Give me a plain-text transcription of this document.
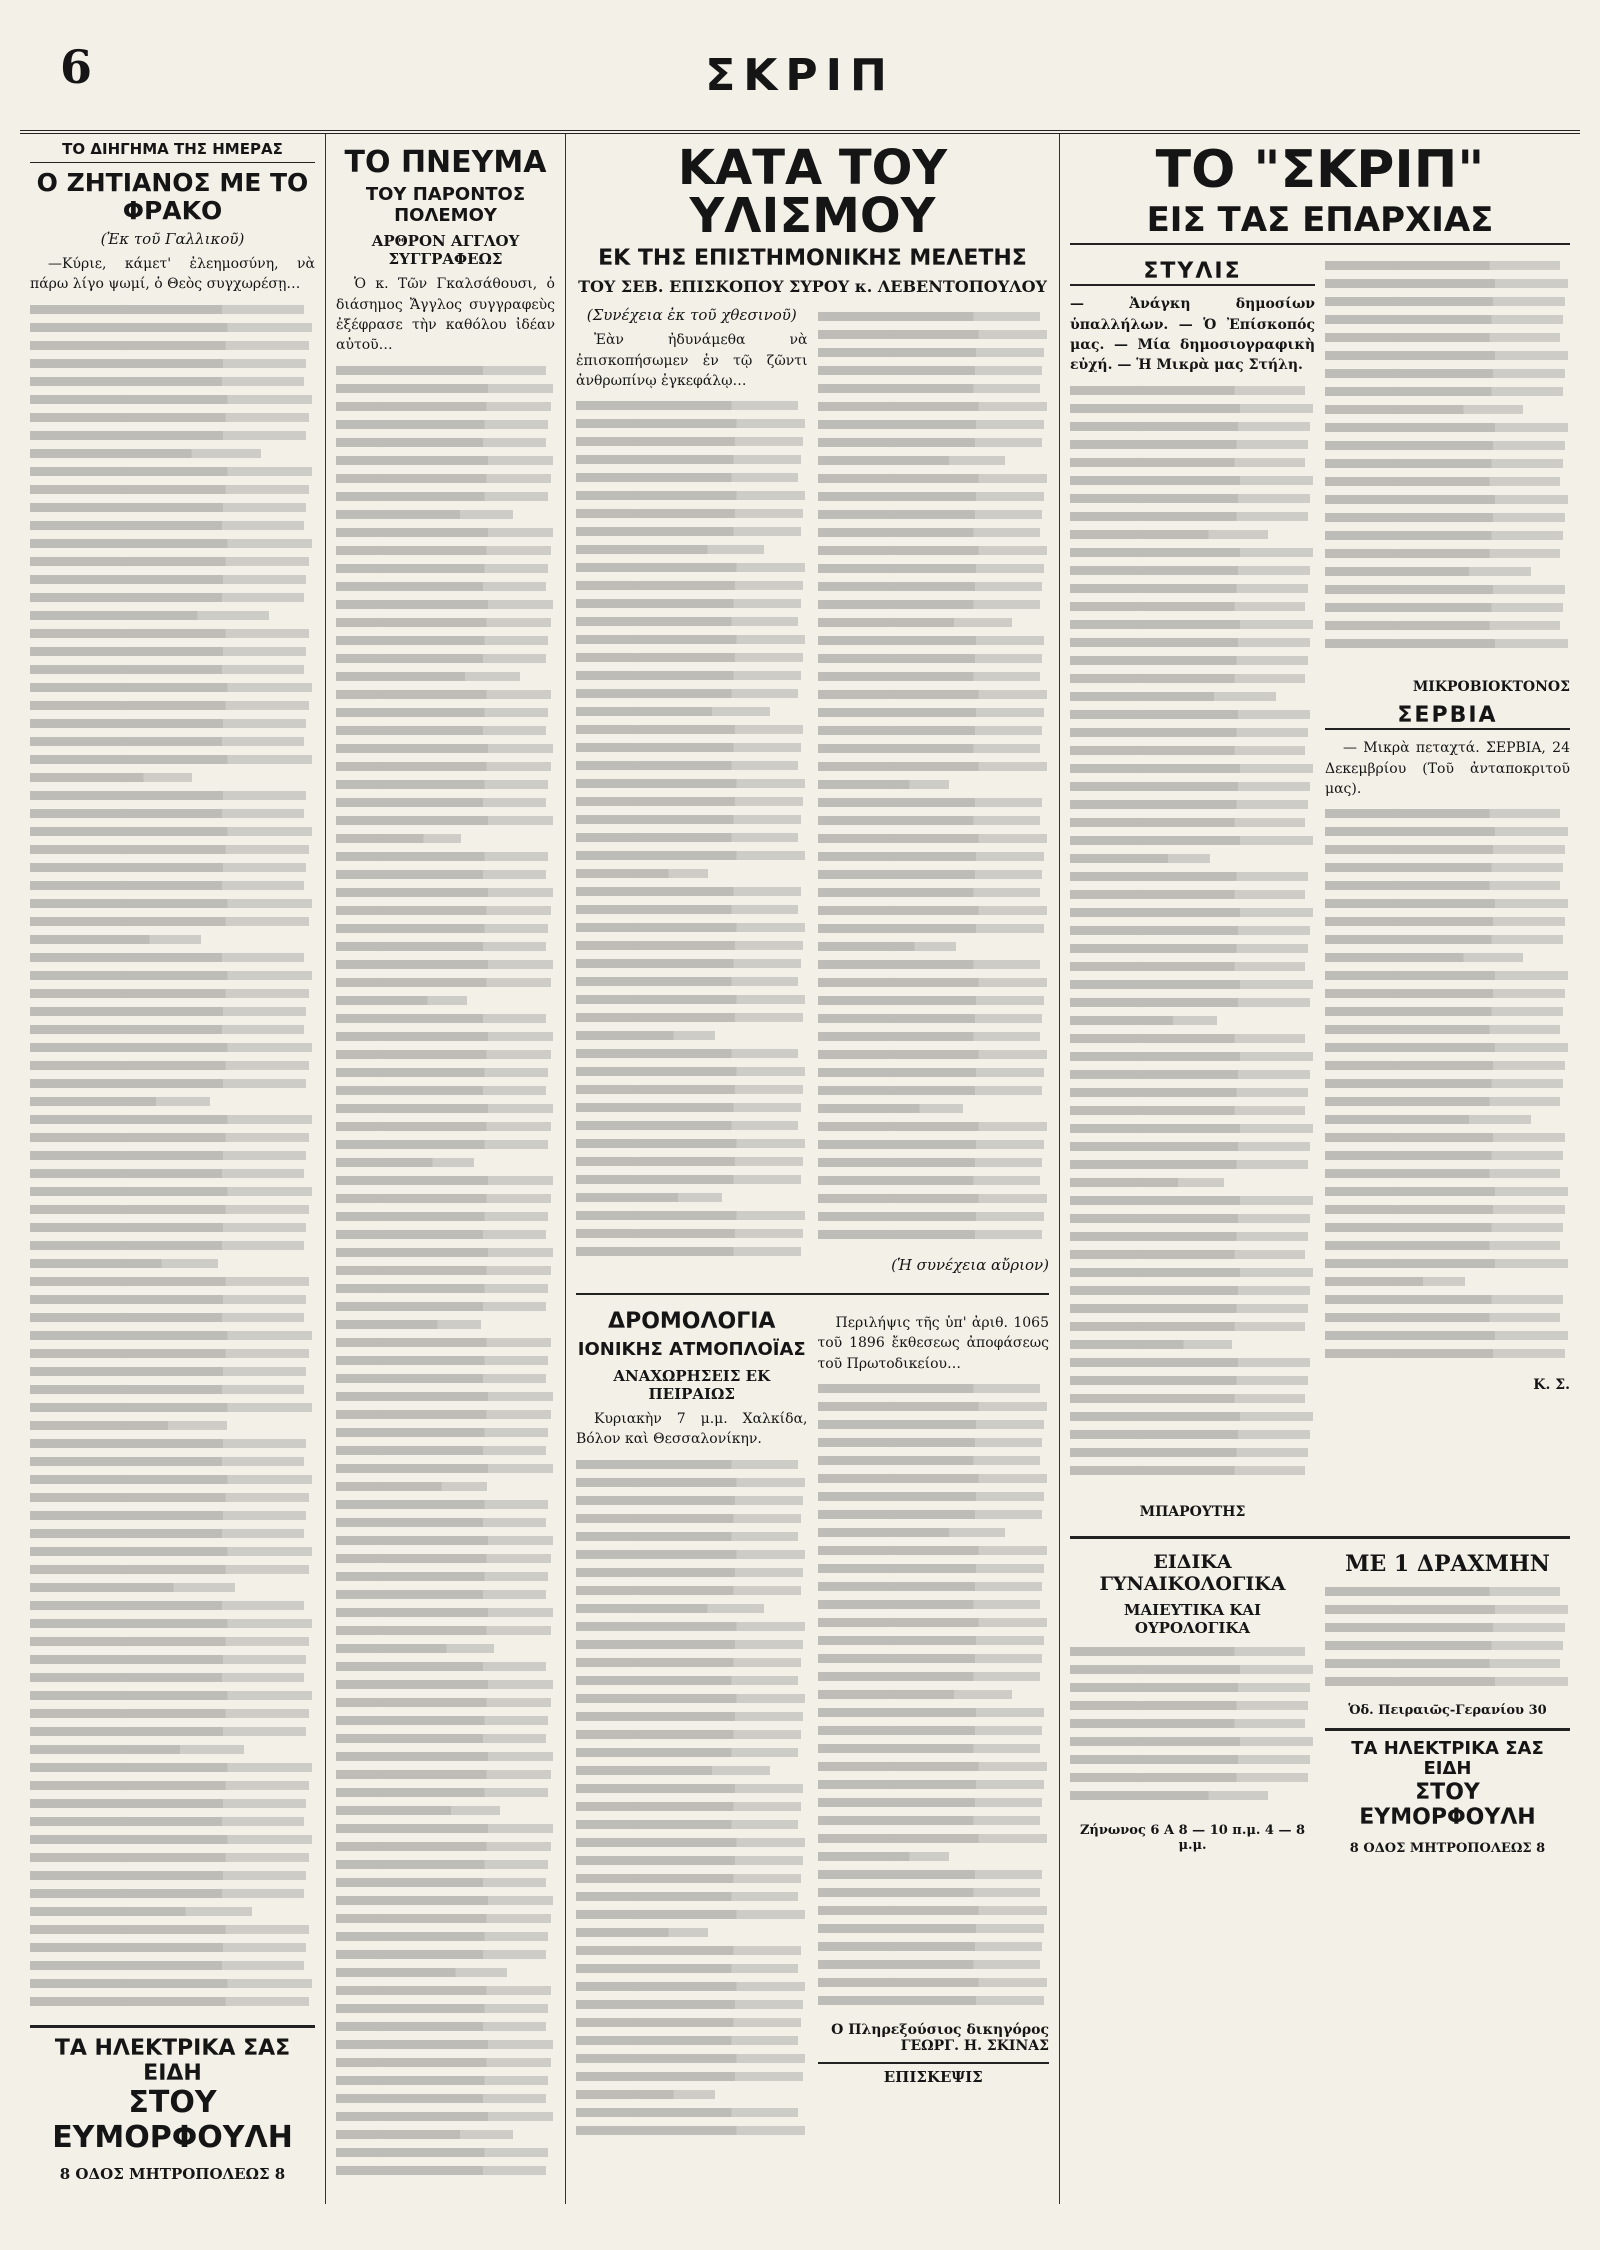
6	ΣΚΡΙΠ
ΤΟ ΔΙΗΓΗΜΑ ΤΗΣ ΗΜΕΡΑΣ
Ο ΖΗΤΙΑΝΟΣ ΜΕ ΤΟ ΦΡΑΚΟ
(Ἐκ τοῦ Γαλλικοῦ)

—Κύριε, κάμετ' ἐλεημοσύνη, νὰ πάρω λίγο ψωμί, ὁ Θεὸς συγχωρέσῃ…

ΤΑ ΗΛΕΚΤΡΙΚΑ ΣΑΣ ΕΙΔΗ
ΣΤΟΥ ΕΥΜΟΡΦΟΥΛΗ
8 ΟΔΟΣ ΜΗΤΡΟΠΟΛΕΩΣ 8
ΤΟ ΠΝΕΥΜΑ
ΤΟΥ ΠΑΡΟΝΤΟΣ ΠΟΛΕΜΟΥ
ΑΡΘΡΟΝ ΑΓΓΛΟΥ ΣΥΓΓΡΑΦΕΩΣ

Ὁ κ. Τῶν Γκαλσάθουσι, ὁ διάσημος Ἄγγλος συγγραφεὺς ἐξέφρασε τὴν καθόλου ἰδέαν αὐτοῦ…

ΚΑΤΑ ΤΟΥ ΥΛΙΣΜΟΥ
ΕΚ ΤΗΣ ΕΠΙΣΤΗΜΟΝΙΚΗΣ ΜΕΛΕΤΗΣ
ΤΟΥ ΣΕΒ. ΕΠΙΣΚΟΠΟΥ ΣΥΡΟΥ κ. ΛΕΒΕΝΤΟΠΟΥΛΟΥ
(Συνέχεια ἐκ τοῦ χθεσινοῦ)

Ἐὰν ἠδυνάμεθα νὰ ἐπισκοπήσωμεν ἐν τῷ ζῶντι ἀνθρωπίνῳ ἐγκεφάλῳ…

(Ἡ συνέχεια αὔριον)
ΔΡΟΜΟΛΟΓΙΑ
ΙΟΝΙΚΗΣ ΑΤΜΟΠΛΟΪΑΣ
ΑΝΑΧΩΡΗΣΕΙΣ ΕΚ ΠΕΙΡΑΙΩΣ

Κυριακὴν 7 μ.μ. Χαλκίδα, Βόλον καὶ Θεσσαλονίκην.

Περιλήψις τῆς ὑπ' ἀριθ. 1065 τοῦ 1896 ἔκθεσεως ἀποφάσεως τοῦ Πρωτοδικείου…

Ο Πληρεξούσιος δικηγόρος ΓΕΩΡΓ. Η. ΣΚΙΝΑΣ
ΕΠΙΣΚΕΨΙΣ
ΤΟ "ΣΚΡΙΠ"
ΕΙΣ ΤΑΣ ΕΠΑΡΧΙΑΣ
ΣΤΥΛΙΣ

— Ἀνάγκη δημοσίων ὑπαλλήλων. — Ὁ Ἐπίσκοπός μας. — Μία δημοσιογραφικὴ εὐχή. — Ἡ Μικρὰ μας Στήλη.

ΜΠΑΡΟΥΤΗΣ
ΜΙΚΡΟΒΙΟΚΤΟΝΟΣ
ΣΕΡΒΙΑ

— Μικρὰ πεταχτά. ΣΕΡΒΙΑ, 24 Δεκεμβρίου (Τοῦ ἀνταποκριτοῦ μας).

Κ. Σ.
ΕΙΔΙΚΑ ΓΥΝΑΙΚΟΛΟΓΙΚΑ
ΜΑΙΕΥΤΙΚΑ ΚΑΙ ΟΥΡΟΛΟΓΙΚΑ
Ζήνωνος 6 Α 8 — 10 π.μ. 4 — 8 μ.μ.
ΜΕ 1 ΔΡΑΧΜΗΝ
Ὁδ. Πειραιῶς-Γερανίου 30
ΤΑ ΗΛΕΚΤΡΙΚΑ ΣΑΣ ΕΙΔΗ
ΣΤΟΥ ΕΥΜΟΡΦΟΥΛΗ
8 ΟΔΟΣ ΜΗΤΡΟΠΟΛΕΩΣ 8
